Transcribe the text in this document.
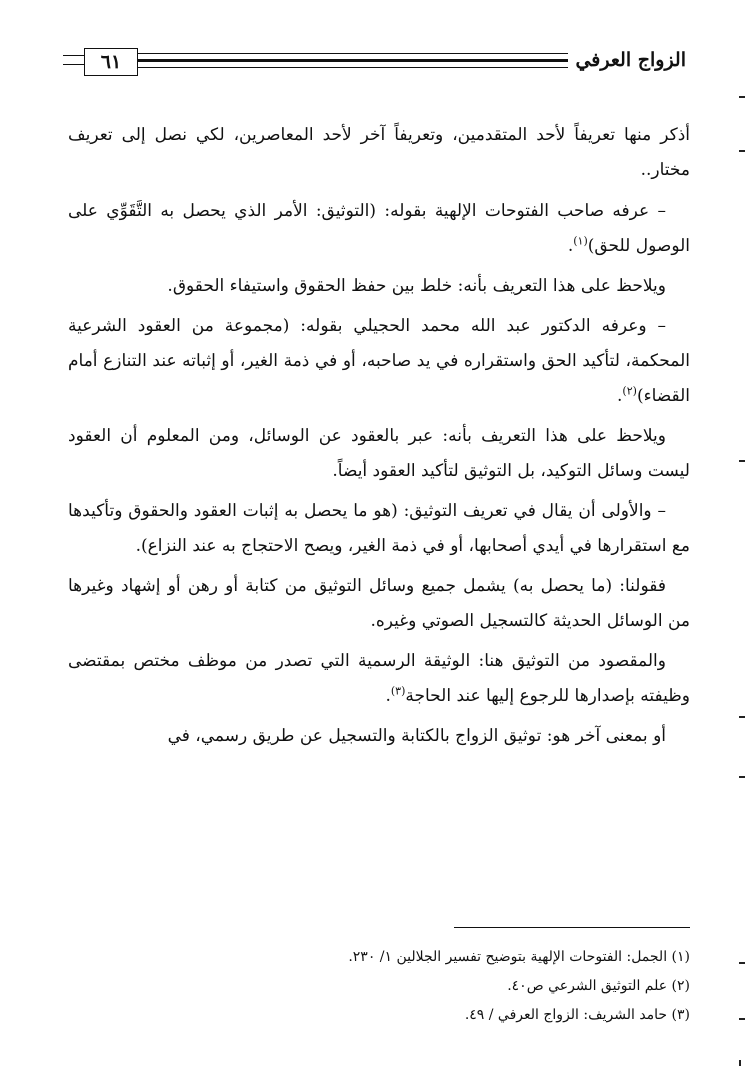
٦١	الزواج العرفي

أذكر منها تعريفاً لأحد المتقدمين، وتعريفاً آخر لأحد المعاصرين، لكي نصل إلى تعريف مختار..

– عرفه صاحب الفتوحات الإلهية بقوله: (التوثيق: الأمر الذي يحصل به التَّقَوِّي على الوصول للحق)$^{(١)}$.

ويلاحظ على هذا التعريف بأنه: خلط بين حفظ الحقوق واستيفاء الحقوق.

– وعرفه الدكتور عبد الله محمد الحجيلي بقوله: (مجموعة من العقود الشرعية المحكمة، لتأكيد الحق واستقراره في يد صاحبه، أو في ذمة الغير، أو إثباته عند التنازع أمام القضاء)$^{(٢)}$.

ويلاحظ على هذا التعريف بأنه: عبر بالعقود عن الوسائل، ومن المعلوم أن العقود ليست وسائل التوكيد، بل التوثيق لتأكيد العقود أيضاً.

– والأولى أن يقال في تعريف التوثيق: (هو ما يحصل به إثبات العقود والحقوق وتأكيدها مع استقرارها في أيدي أصحابها، أو في ذمة الغير، ويصح الاحتجاج به عند النزاع).

فقولنا: (ما يحصل به) يشمل جميع وسائل التوثيق من كتابة أو رهن أو إشهاد وغيرها من الوسائل الحديثة كالتسجيل الصوتي وغيره.

والمقصود من التوثيق هنا: الوثيقة الرسمية التي تصدر من موظف مختص بمقتضى وظيفته بإصدارها للرجوع إليها عند الحاجة$^{(٣)}$.

أو بمعنى آخر هو: توثيق الزواج بالكتابة والتسجيل عن طريق رسمي، في

(١) الجمل: الفتوحات الإلهية بتوضيح تفسير الجلالين ١/ ٢٣٠.
(٢) علم التوثيق الشرعي ص٤٠.
(٣) حامد الشريف: الزواج العرفي / ٤٩.
